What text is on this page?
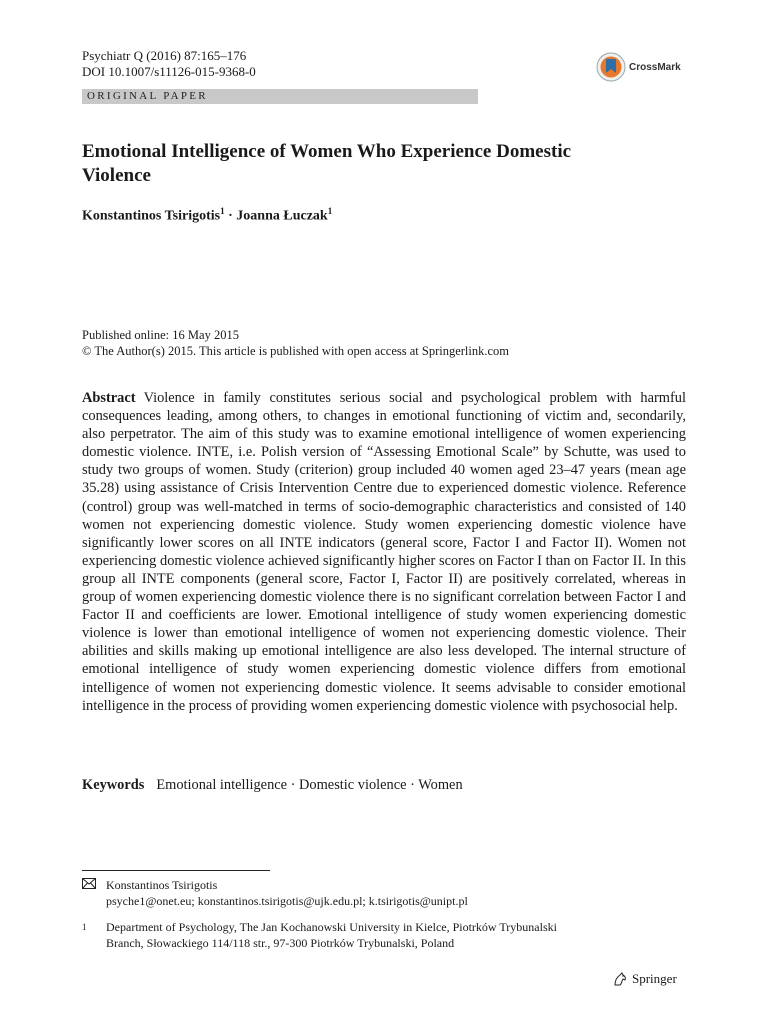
Psychiatr Q (2016) 87:165–176
DOI 10.1007/s11126-015-9368-0	CrossMark
ORIGINAL PAPER
Emotional Intelligence of Women Who Experience Domestic Violence
Konstantinos Tsirigotis$^1$ · Joanna Łuczak$^1$
Published online: 16 May 2015
© The Author(s) 2015. This article is published with open access at Springerlink.com
Abstract Violence in family constitutes serious social and psychological problem with harmful consequences leading, among others, to changes in emotional functioning of victim and, secondarily, also perpetrator. The aim of this study was to examine emotional intelligence of women experiencing domestic violence. INTE, i.e. Polish version of “Assessing Emotional Scale” by Schutte, was used to study two groups of women. Study (criterion) group included 40 women aged 23–47 years (mean age 35.28) using assistance of Crisis Intervention Centre due to experienced domestic violence. Reference (control) group was well-matched in terms of socio-demographic characteristics and consisted of 140 women not experiencing domestic violence. Study women experiencing domestic violence have significantly lower scores on all INTE indicators (general score, Factor I and Factor II). Women not experiencing domestic violence achieved significantly higher scores on Factor I than on Factor II. In this group all INTE components (general score, Factor I, Factor II) are positively correlated, whereas in group of women experiencing domestic violence there is no significant correlation between Factor I and Factor II and coefficients are lower. Emotional intelligence of study women experiencing domestic violence is lower than emotional intelligence of women not experiencing domestic violence. Their abilities and skills making up emotional intelligence are also less developed. The internal structure of emotional intelligence of study women experiencing domestic violence differs from emotional intelligence of women not experiencing domestic violence. It seems advisable to consider emotional intelligence in the process of providing women experiencing domestic violence with psychosocial help.
Keywords Emotional intelligence · Domestic violence · Women
Konstantinos Tsirigotis
psyche1@onet.eu; konstantinos.tsirigotis@ujk.edu.pl; k.tsirigotis@unipt.pl
1	Department of Psychology, The Jan Kochanowski University in Kielce, Piotrków Trybunalski
Branch, Słowackiego 114/118 str., 97-300 Piotrków Trybunalski, Poland
Springer
